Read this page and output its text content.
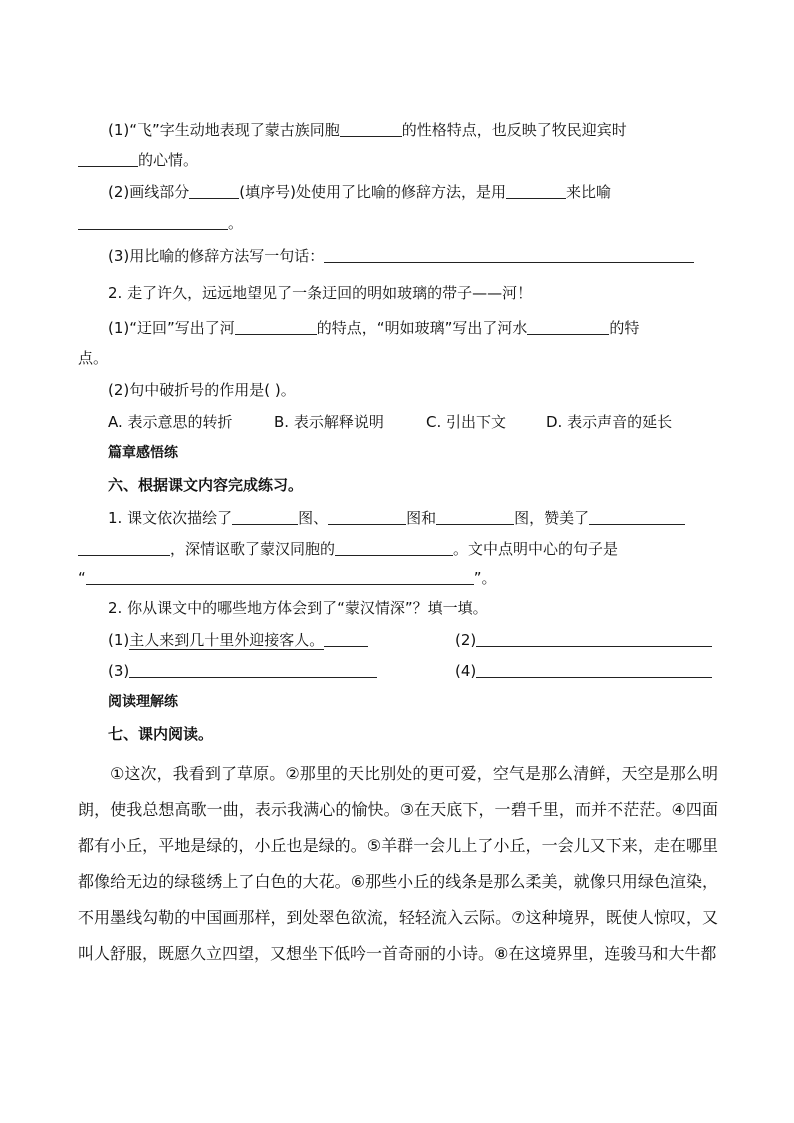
(1)“飞”字生动地表现了蒙古族同胞	的性格特点，也反映了牧民迎宾时
的心情。
(2)画线部分	(填序号)处使用了比喻的修辞方法，是用	来比喻
。
(3)用比喻的修辞方法写一句话：
2. 走了许久，远远地望见了一条迂回的明如玻璃的带子——河！
(1)“迂回”写出了河	的特点，“明如玻璃”写出了河水	的特
点。
(2)句中破折号的作用是( )。
A. 表示意思的转折	B. 表示解释说明	C. 引出下文	D. 表示声音的延长
篇章感悟练
六、根据课文内容完成练习。
1. 课文依次描绘了	图、	图和	图，赞美了
，深情讴歌了蒙汉同胞的	。文中点明中心的句子是
“	”。
2. 你从课文中的哪些地方体会到了“蒙汉情深”？填一填。
(1)主人来到几十里外迎接客人。	(2)
(3)	(4)
阅读理解练
七、课内阅读。

①这次，我看到了草原。②那里的天比别处的更可爱，空气是那么清鲜，天空是那么明朗，使我总想高歌一曲，表示我满心的愉快。③在天底下，一碧千里，而并不茫茫。④四面都有小丘，平地是绿的，小丘也是绿的。⑤羊群一会儿上了小丘，一会儿又下来，走在哪里都像给无边的绿毯绣上了白色的大花。⑥那些小丘的线条是那么柔美，就像只用绿色渲染，不用墨线勾勒的中国画那样，到处翠色欲流，轻轻流入云际。⑦这种境界，既使人惊叹，又叫人舒服，既愿久立四望，又想坐下低吟一首奇丽的小诗。⑧在这境界里，连骏马和大牛都
